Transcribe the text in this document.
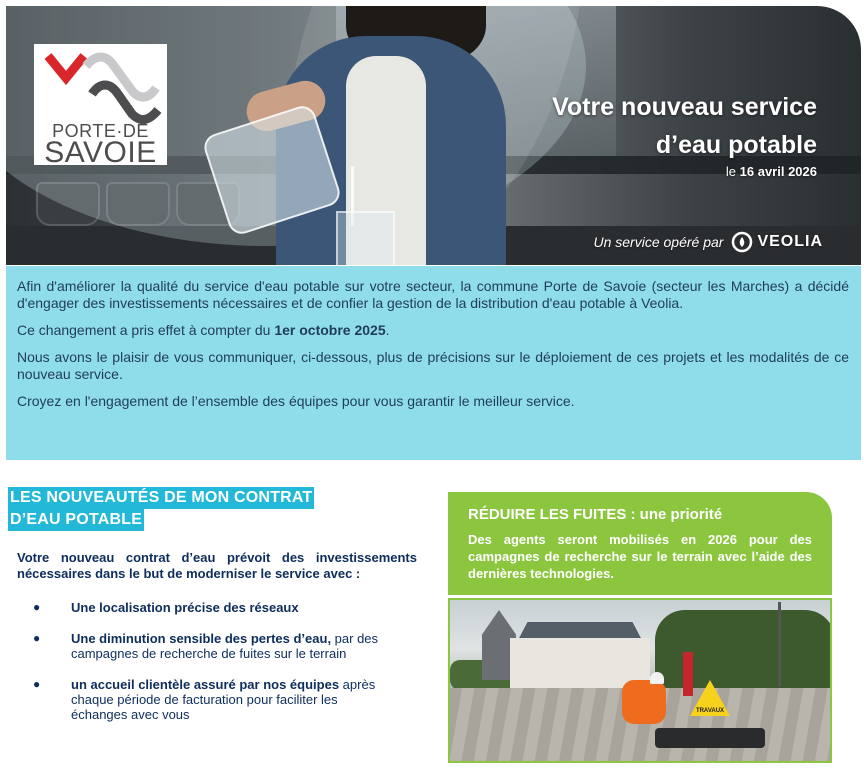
PORTE·DE
SAVOIE
Votre nouveau service
d’eau potable
le 16 avril 2026
Un service opéré par VEOLIA

Afin d'améliorer la qualité du service d'eau potable sur votre secteur, la commune Porte de Savoie (secteur les Marches) a décidé d'engager des investissements nécessaires et de confier la gestion de la distribution d'eau potable à Veolia.

Ce changement a pris effet à compter du 1er octobre 2025.

Nous avons le plaisir de vous communiquer, ci-dessous, plus de précisions sur le déploiement de ces projets et les modalités de ce nouveau service.

Croyez en l'engagement de l’ensemble des équipes pour vous garantir le meilleur service.

LES NOUVEAUTÉS DE MON CONTRAT
D’EAU POTABLE
Votre nouveau contrat d’eau prévoit des investissements nécessaires dans le but de moderniser le service avec :
● Une localisation précise des réseaux
● Une diminution sensible des pertes d’eau, par des campagnes de recherche de fuites sur le terrain
● un accueil clientèle assuré par nos équipes après chaque période de facturation pour faciliter les échanges avec vous
RÉDUIRE LES FUITES : une priorité

Des agents seront mobilisés en 2026 pour des campagnes de recherche sur le terrain avec l’aide des dernières technologies.

TRAVAUX
